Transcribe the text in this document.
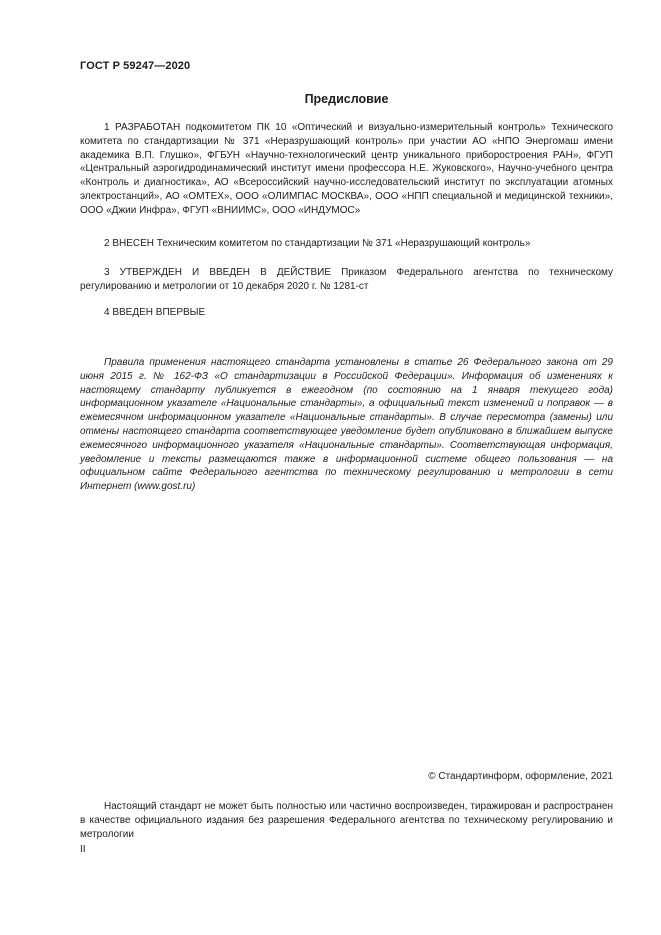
ГОСТ Р 59247—2020
Предисловие

1 РАЗРАБОТАН подкомитетом ПК 10 «Оптический и визуально-измерительный контроль» Технического комитета по стандартизации № 371 «Неразрушающий контроль» при участии АО «НПО Энергомаш имени академика В.П. Глушко», ФГБУН «Научно-технологический центр уникального приборостроения РАН», ФГУП «Центральный аэрогидродинамический институт имени профессора Н.Е. Жуковского», Научно-учебного центра «Контроль и диагностика», АО «Всероссийский научно-исследовательский институт по эксплуатации атомных электростанций», АО «ОМТЕХ», ООО «ОЛИМПАС МОСКВА», ООО «НПП специальной и медицинской техники», ООО «Джии Инфра», ФГУП «ВНИИМС», ООО «ИНДУМОС»

2 ВНЕСЕН Техническим комитетом по стандартизации № 371 «Неразрушающий контроль»

3 УТВЕРЖДЕН И ВВЕДЕН В ДЕЙСТВИЕ Приказом Федерального агентства по техническому регулированию и метрологии от 10 декабря 2020 г. № 1281-ст

4 ВВЕДЕН ВПЕРВЫЕ

Правила применения настоящего стандарта установлены в статье 26 Федерального закона от 29 июня 2015 г. № 162-ФЗ «О стандартизации в Российской Федерации». Информация об изменениях к настоящему стандарту публикуется в ежегодном (по состоянию на 1 января текущего года) информационном указателе «Национальные стандарты», а официальный текст изменений и поправок — в ежемесячном информационном указателе «Национальные стандарты». В случае пересмотра (замены) или отмены настоящего стандарта соответствующее уведомление будет опубликовано в ближайшем выпуске ежемесячного информационного указателя «Национальные стандарты». Соответствующая информация, уведомление и тексты размещаются также в информационной системе общего пользования — на официальном сайте Федерального агентства по техническому регулированию и метрологии в сети Интернет (www.gost.ru)

© Стандартинформ, оформление, 2021

Настоящий стандарт не может быть полностью или частично воспроизведен, тиражирован и распространен в качестве официального издания без разрешения Федерального агентства по техническому регулированию и метрологии

II
